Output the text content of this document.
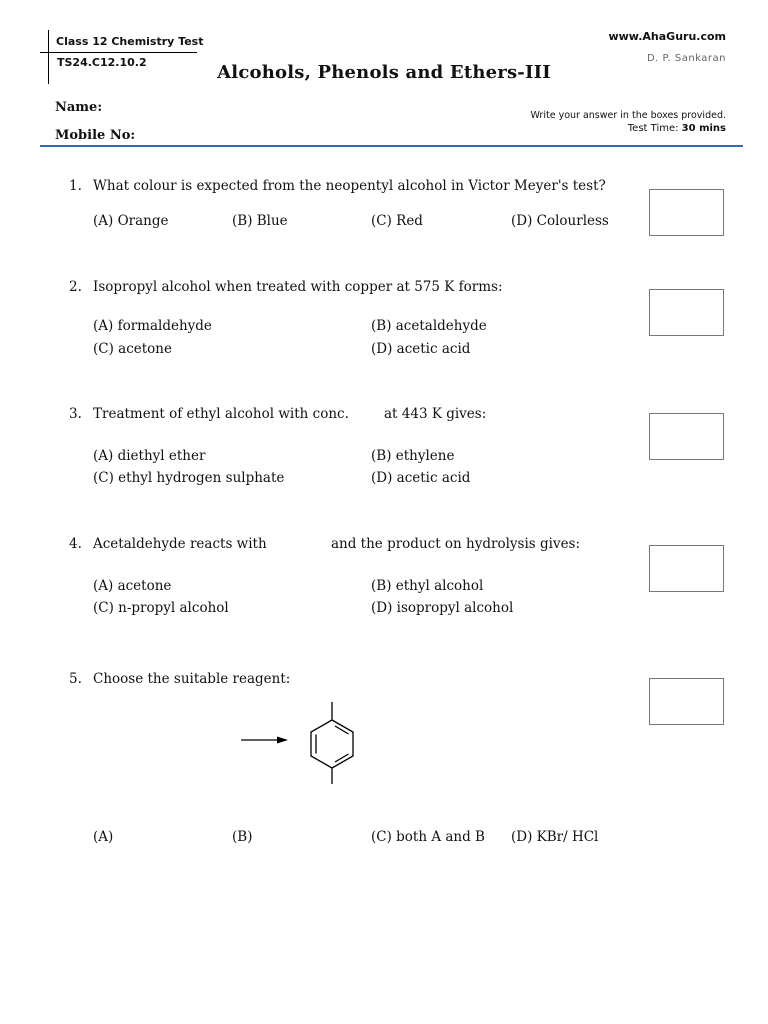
Class 12 Chemistry Test
TS24.C12.10.2	Alcohols, Phenols and Ethers-III
www.AhaGuru.com
D. P. Sankaran
Name:
Mobile No:
Write your answer in the boxes provided.
Test Time: 30 mins
1. What colour is expected from the neopentyl alcohol in Victor Meyer's test?
(A) Orange	(B) Blue	(C) Red	(D) Colourless
2. Isopropyl alcohol when treated with copper at 575 K forms:
(A) formaldehyde	(B) acetaldehyde
(C) acetone	(D) acetic acid
3. Treatment of ethyl alcohol with conc.	at 443 K gives:
(A) diethyl ether	(B) ethylene
(C) ethyl hydrogen sulphate	(D) acetic acid
4. Acetaldehyde reacts with	and the product on hydrolysis gives:
(A) acetone	(B) ethyl alcohol
(C) n-propyl alcohol	(D) isopropyl alcohol
5. Choose the suitable reagent:
(A)	(B)	(C) both A and B (D) KBr/ HCl
